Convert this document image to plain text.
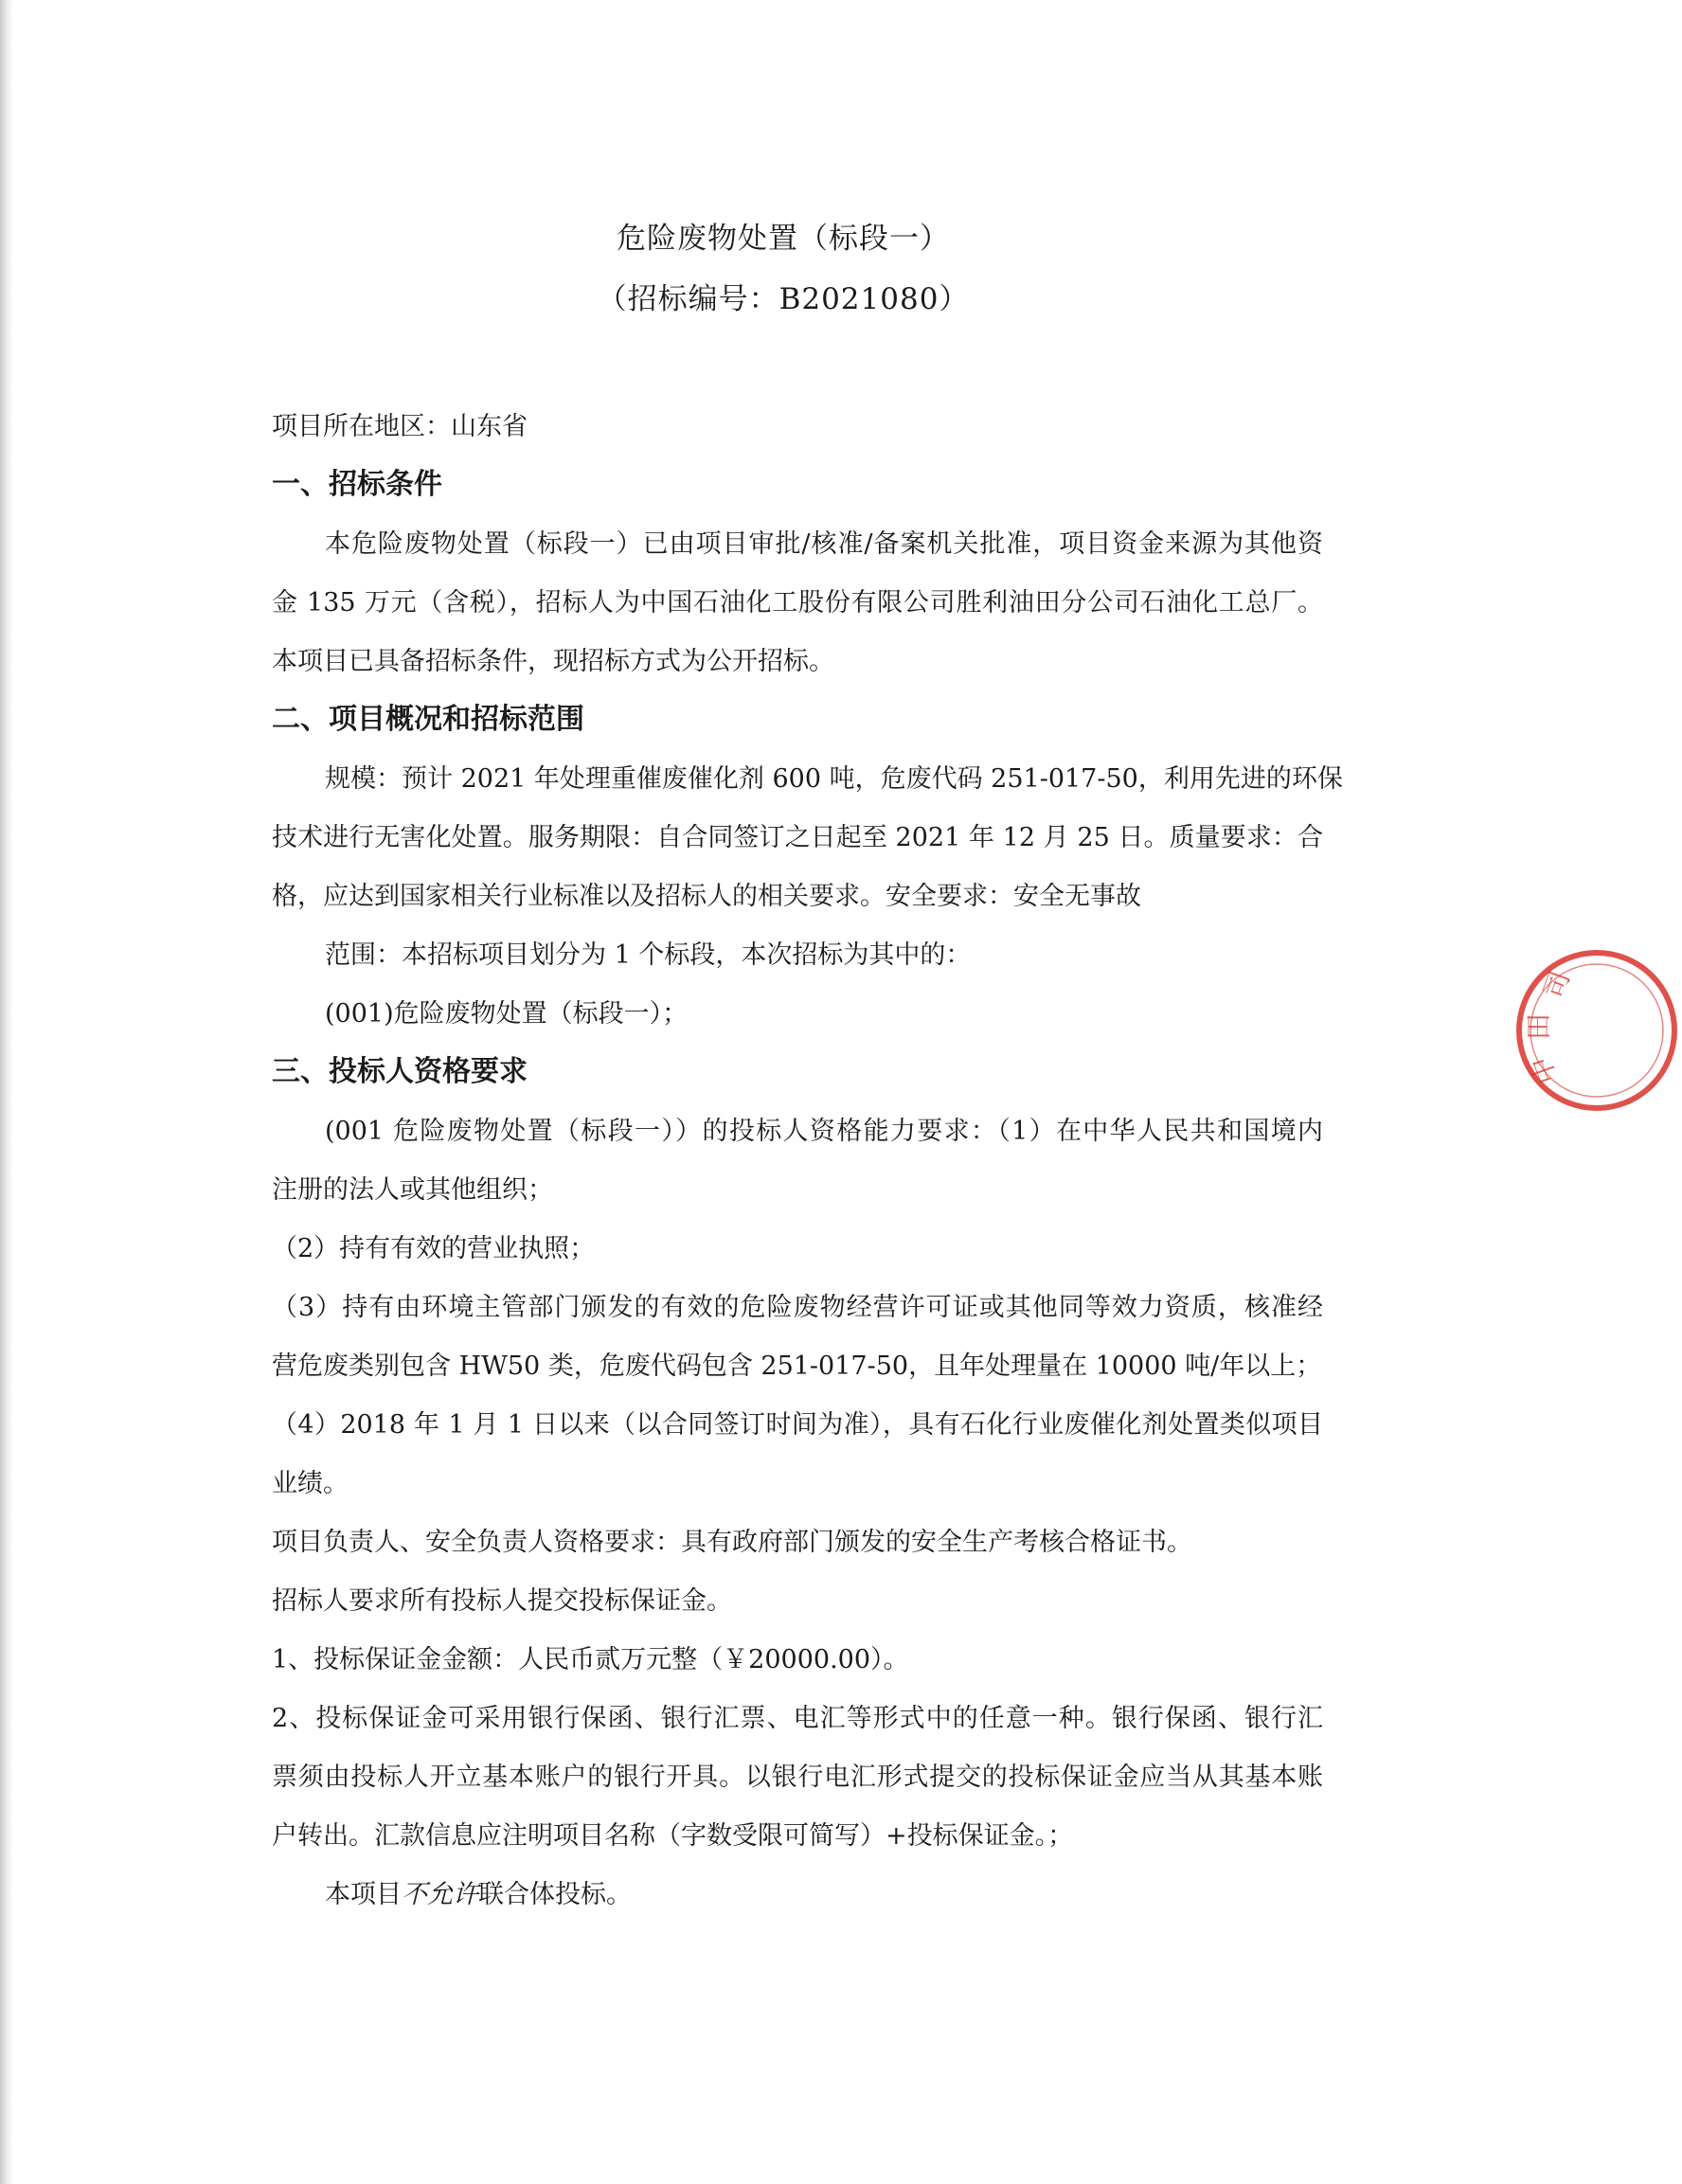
危险废物处置（标段一）
（招标编号：B2021080）
项目所在地区：山东省
一、招标条件
本危险废物处置（标段一）已由项目审批/核准/备案机关批准，项目资金来源为其他资
金 135 万元（含税），招标人为中国石油化工股份有限公司胜利油田分公司石油化工总厂。
本项目已具备招标条件，现招标方式为公开招标。
二、项目概况和招标范围
规模：预计 2021 年处理重催废催化剂 600 吨，危废代码 251-017-50，利用先进的环保
技术进行无害化处置。服务期限：自合同签订之日起至 2021 年 12 月 25 日。质量要求：合
格，应达到国家相关行业标准以及招标人的相关要求。安全要求：安全无事故
范围：本招标项目划分为 1 个标段，本次招标为其中的：
(001)危险废物处置（标段一）；
三、投标人资格要求
(001 危险废物处置（标段一））的投标人资格能力要求：（1）在中华人民共和国境内
注册的法人或其他组织；
（2）持有有效的营业执照；
（3）持有由环境主管部门颁发的有效的危险废物经营许可证或其他同等效力资质，核准经
营危废类别包含 HW50 类，危废代码包含 251-017-50，且年处理量在 10000 吨/年以上；
（4）2018 年 1 月 1 日以来（以合同签订时间为准），具有石化行业废催化剂处置类似项目
业绩。
项目负责人、安全负责人资格要求：具有政府部门颁发的安全生产考核合格证书。
招标人要求所有投标人提交投标保证金。
1、投标保证金金额：人民币贰万元整（￥20000.00）。
2、投标保证金可采用银行保函、银行汇票、电汇等形式中的任意一种。银行保函、银行汇
票须由投标人开立基本账户的银行开具。以银行电汇形式提交的投标保证金应当从其基本账
户转出。汇款信息应注明项目名称（字数受限可简写）+投标保证金。；
本项目不允许联合体投标。
司
田
中
